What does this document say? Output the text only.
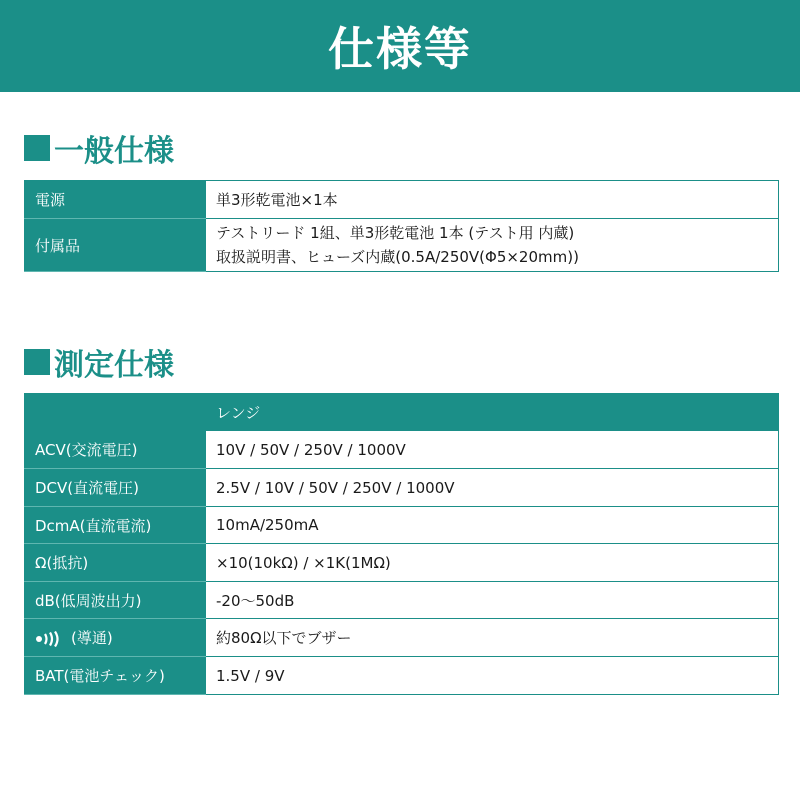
仕様等
一般仕様
電源	単3形乾電池×1本
付属品	テストリード 1組、単3形乾電池 1本 (テスト用 内蔵)
取扱説明書、ヒューズ内蔵(0.5A/250V(Φ5×20mm))
測定仕様
	レンジ
ACV(交流電圧)	10V / 50V / 250V / 1000V
DCV(直流電圧)	2.5V / 10V / 50V / 250V / 1000V
DcmA(直流電流)	10mA/250mA
Ω(抵抗)	×10(10kΩ) / ×1K(1MΩ)
dB(低周波出力)	-20～50dB

(導通)	約80Ω以下でブザー
BAT(電池チェック)	1.5V / 9V
